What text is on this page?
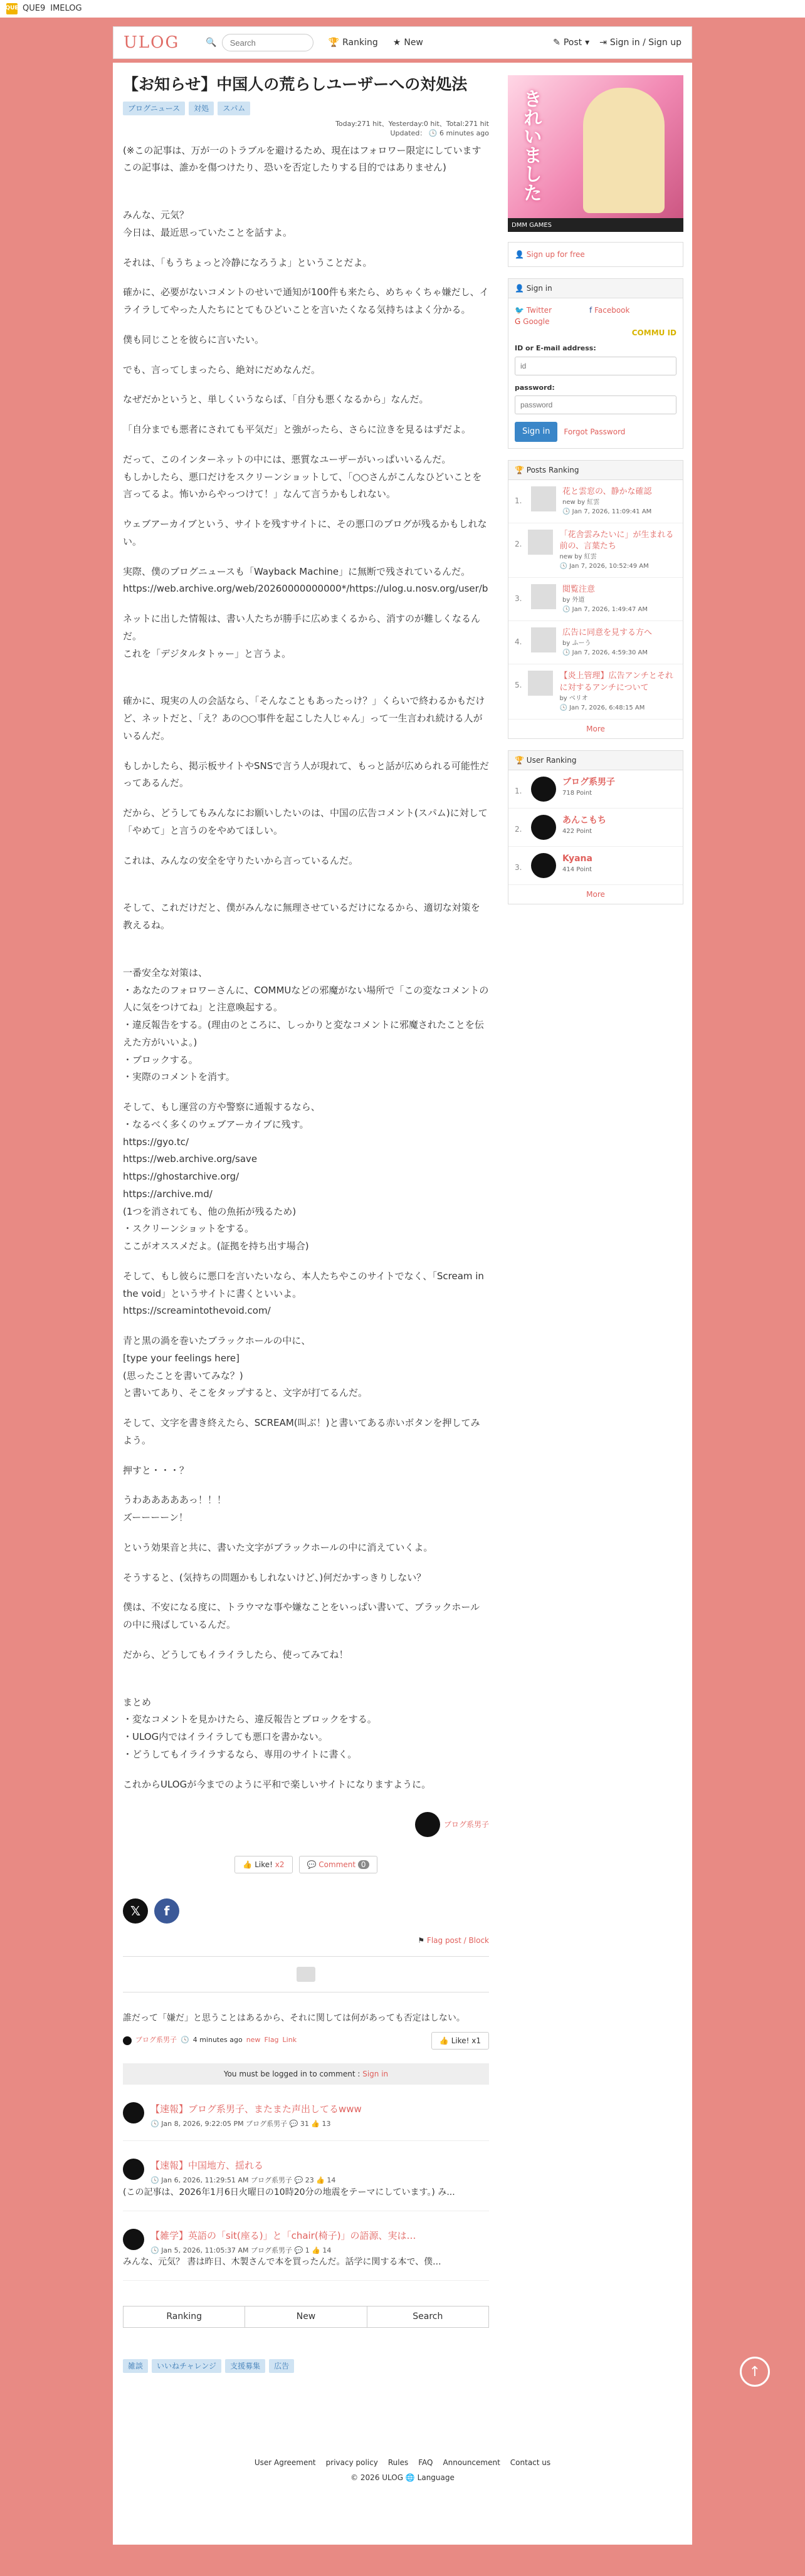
QUE QUE9 IMELOG
ULOG	🔍
Search	🏆 Ranking ★ New	✎ Post ▾ ⇥ Sign in / Sign up
【お知らせ】中国人の荒らしユーザーへの対処法
ブログニュース	対処	スパム
Today:271 hit、Yesterday:0 hit、Total:271 hit
Updated： 🕓 6 minutes ago

(※この記事は、万が一のトラブルを避けるため、現在はフォロワー限定にしています
この記事は、誰かを傷つけたり、恐いを否定したりする目的ではありません)

みんな、元気？
今日は、最近思っていたことを話すよ。

それは、「もうちょっと冷静になろうよ」ということだよ。

確かに、必要がないコメントのせいで通知が100件も来たら、めちゃくちゃ嫌だし、イライラしてやった人たちにとてもひどいことを言いたくなる気持ちはよく分かる。

僕も同じことを彼らに言いたい。

でも、言ってしまったら、絶対にだめなんだ。

なぜだかというと、単しくいうならば、「自分も悪くなるから」なんだ。

「自分までも悪者にされても平気だ」と強がったら、さらに泣きを見るはずだよ。

だって、このインターネットの中には、悪質なユーザーがいっぱいいるんだ。
もしかしたら、悪口だけをスクリーンショットして、「○○さんがこんなひどいことを言ってるよ。怖いからやっつけて！」なんて言うかもしれない。

ウェブアーカイブという、サイトを残すサイトに、その悪口のブログが残るかもしれない。

実際、僕のブログニュースも「Wayback Machine」に無断で残されているんだ。
https://web.archive.org/web/20260000000000*/https://ulog.u.nosv.org/user/b

ネットに出した情報は、書い人たちが勝手に広めまくるから、消すのが難しくなるんだ。
これを「デジタルタトゥー」と言うよ。

確かに、現実の人の会話なら、「そんなこともあったっけ？」くらいで終わるかもだけど、ネットだと、「え？あの○○事件を起こした人じゃん」って一生言われ続ける人がいるんだ。

もしかしたら、掲示板サイトやSNSで言う人が現れて、もっと話が広められる可能性だってあるんだ。

だから、どうしてもみんなにお願いしたいのは、中国の広告コメント(スパム)に対して「やめて」と言うのをやめてほしい。

これは、みんなの安全を守りたいから言っているんだ。

そして、これだけだと、僕がみんなに無理させているだけになるから、適切な対策を教えるね。

一番安全な対策は、
・あなたのフォロワーさんに、COMMUなどの邪魔がない場所で「この変なコメントの人に気をつけてね」と注意喚起する。
・違反報告をする。(理由のところに、しっかりと変なコメントに邪魔されたことを伝えた方がいいよ。)
・ブロックする。
・実際のコメントを消す。

そして、もし運営の方や警察に通報するなら、
・なるべく多くのウェブアーカイブに残す。
https://gyo.tc/
https://web.archive.org/save
https://ghostarchive.org/
https://archive.md/
(1つを消されても、他の魚拓が残るため)
・スクリーンショットをする。
ここがオススメだよ。(証拠を持ち出す場合)

そして、もし彼らに悪口を言いたいなら、本人たちやこのサイトでなく、「Scream in the void」というサイトに書くといいよ。
https://screamintothevoid.com/

青と黒の渦を巻いたブラックホールの中に、
[type your feelings here]
(思ったことを書いてみな？)
と書いてあり、そこをタップすると、文字が打てるんだ。

そして、文字を書き終えたら、SCREAM(叫ぶ！)と書いてある赤いボタンを押してみよう。

押すと・・・？

うわあああああっ！！！
ズーーーーン！

という効果音と共に、書いた文字がブラックホールの中に消えていくよ。

そうすると、(気持ちの問題かもしれないけど、)何だかすっきりしない？

僕は、不安になる度に、トラウマな事や嫌なことをいっぱい書いて、ブラックホールの中に飛ばしているんだ。

だから、どうしてもイライラしたら、使ってみてね！

まとめ
・変なコメントを見かけたら、違反報告とブロックをする。
・ULOG内ではイライラしても悪口を書かない。
・どうしてもイライラするなら、専用のサイトに書く。

これからULOGが今までのように平和で楽しいサイトになりますように。

ブログ系男子
👍 Like! x2	💬 Comment 0
𝕏	f
⚑ Flag post / Block
誰だって「嫌だ」と思うことはあるから、それに関しては何があっても否定はしない。
ブログ系男子 🕓 4 minutes ago new Flag Link	👍 Like! x1
You must be logged in to comment : Sign in
【速報】ブログ系男子、またまた声出してるwww
🕓 Jan 8, 2026, 9:22:05 PM ブログ系男子 💬 31 👍 13
【速報】中国地方、揺れる
🕓 Jan 6, 2026, 11:29:51 AM ブログ系男子 💬 23 👍 14
(この記事は、2026年1月6日火曜日の10時20分の地震をテーマにしています。) み...
【雑学】英語の「sit(座る)」と「chair(椅子)」の語源、実は…
🕓 Jan 5, 2026, 11:05:37 AM ブログ系男子 💬 1 👍 14
みんな、元気？ 書は昨日、木製さんで本を買ったんだ。話学に関する本で、僕...
Ranking	New	Search
雑談	いいねチャレンジ	支援募集	広告
きれいました
DMM GAMES
👤 Sign up for free
👤 Sign in
🐦 Twitter
G Google
f Facebook
COMMU ID
ID or E-mail address:
id
password:
password
Sign in	Forgot Password
🏆 Posts Ranking
1.
花と雲窓の、静かな確認
new by 紅雲
🕓 Jan 7, 2026, 11:09:41 AM
2.
「花舎雲みたいに」が生まれる前の、言葉たち
new by 紅雲
🕓 Jan 7, 2026, 10:52:49 AM
3.
閲覧注意
by 外道
🕓 Jan 7, 2026, 1:49:47 AM
4.
広告に同意を見する方へ
by ふーう
🕓 Jan 7, 2026, 4:59:30 AM
5.
【炎上管理】広告アンチとそれに対するアンチについて
by ベリオ
🕓 Jan 7, 2026, 6:48:15 AM
More
🏆 User Ranking
1.
ブログ系男子
718 Point
2.
あんこもち
422 Point
3.
Kyana
414 Point
More
↑
User Agreement privacy policy Rules FAQ Announcement Contact us
© 2026 ULOG 🌐 Language
